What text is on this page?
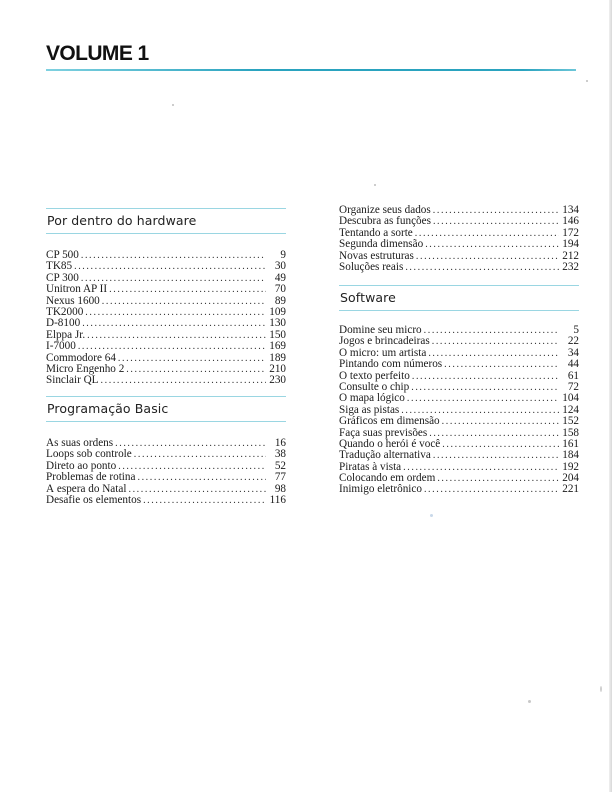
VOLUME 1
Por dentro do hardware
CP 500 .....	9
TK85 .....	30
CP 300 .....	49
Unitron AP II .....	70
Nexus 1600 .....	89
TK2000 .....	109
D-8100 .....	130
Elppa Jr. .....	150
I-7000 .....	169
Commodore 64 .....	189
Micro Engenho 2 .....	210
Sinclair QL .....	230
Programação Basic
Às suas ordens .....	16
Loops sob controle .....	38
Direto ao ponto .....	52
Problemas de rotina .....	77
À espera do Natal .....	98
Desafie os elementos .....	116
Organize seus dados .....	134
Descubra as funções .....	146
Tentando a sorte .....	172
Segunda dimensão .....	194
Novas estruturas .....	212
Soluções reais .....	232
Software
Domine seu micro .....	5
Jogos e brincadeiras .....	22
O micro: um artista .....	34
Pintando com números .....	44
O texto perfeito .....	61
Consulte o chip .....	72
O mapa lógico .....	104
Siga as pistas .....	124
Gráficos em dimensão .....	152
Faça suas previsões .....	158
Quando o herói é você .....	161
Tradução alternativa .....	184
Piratas à vista .....	192
Colocando em ordem .....	204
Inimigo eletrônico .....	221
